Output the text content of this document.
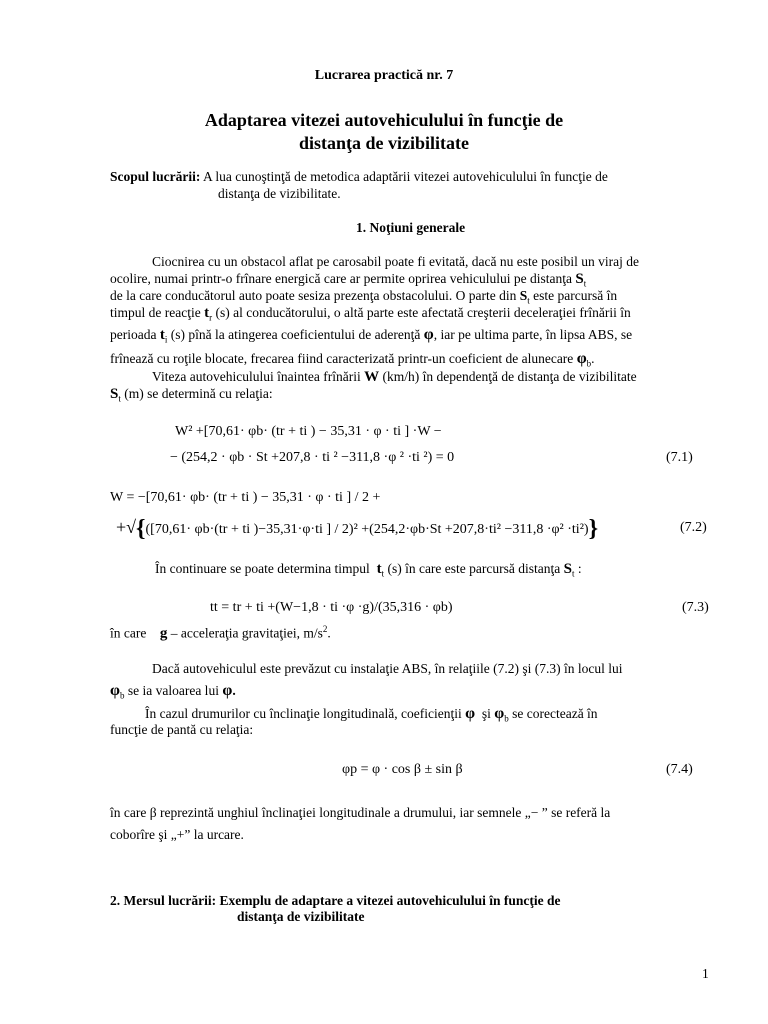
Lucrarea practică nr. 7
Adaptarea vitezei autovehiculului în funcţie de
distanţa de vizibilitate
Scopul lucrării: A lua cunoştinţă de metodica adaptării vitezei autovehiculului în funcţie de
distanţa de vizibilitate.
1. Noţiuni generale
Ciocnirea cu un obstacol aflat pe carosabil poate fi evitată, dacă nu este posibil un viraj de
ocolire, numai printr-o frînare energică care ar permite oprirea vehiculului pe distanţa $S_t$
de la care conducătorul auto poate sesiza prezenţa obstacolului. O parte din $S_t$ este parcursă în
timpul de reacţie $t_r$ (s) al conducătorului, o altă parte este afectată creşterii deceleraţiei frînării în
perioada $t_i$ (s) pînă la atingerea coeficientului de aderenţă φ, iar pe ultima parte, în lipsa ABS, se
frînează cu roţile blocate, frecarea fiind caracterizată printr-un coeficient de alunecare $\varphi_b$.
Viteza autovehiculului înaintea frînării W (km/h) în dependenţă de distanţa de vizibilitate
$S_t$ (m) se determină cu relaţia:
W² +[70,61· φb· (tr + ti ) − 35,31 · φ · ti ] ·W −
− (254,2 · φb · St +207,8 · ti ² −311,8 ·φ ² ·ti ²) = 0	(7.1)
W = −[70,61· φb· (tr + ti ) − 35,31 · φ · ti ] / 2 +
+√{([70,61· φb·(tr + ti )−35,31·φ·ti ] / 2)² +(254,2·φb·St +207,8·ti² −311,8 ·φ² ·ti²)}	(7.2)
În continuare se poate determina timpul $t_t$ (s) în care este parcursă distanţa $S_t$ :
tt = tr + ti +(W−1,8 · ti ·φ ·g)/(35,316 · φb)	(7.3)
în care g – acceleraţia gravitaţiei, $m/s^2$.
Dacă autovehiculul este prevăzut cu instalaţie ABS, în relaţiile (7.2) şi (7.3) în locul lui
$\varphi_b$ se ia valoarea lui φ.
În cazul drumurilor cu înclinaţie longitudinală, coeficienţii φ şi $\varphi_b$ se corectează în
funcţie de pantă cu relaţia:
φp = φ · cos β ± sin β	(7.4)
în care β reprezintă unghiul înclinaţiei longitudinale a drumului, iar semnele „− ” se referă la
coborîre şi „+” la urcare.
2. Mersul lucrării: Exemplu de adaptare a vitezei autovehiculului în funcţie de
distanţa de vizibilitate
1
